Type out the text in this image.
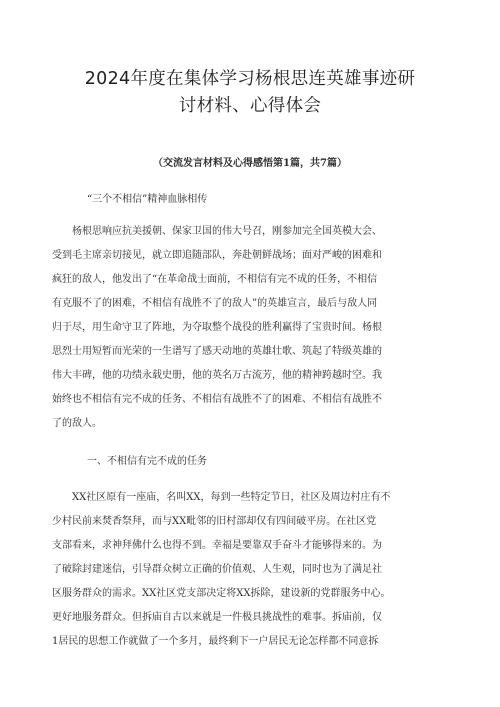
2024年度在集体学习杨根思连英雄事迹研
讨材料、心得体会
（交流发言材料及心得感悟第1篇，共7篇）
“三个不相信”精神血脉相传
杨根思响应抗美援朝、保家卫国的伟大号召，刚参加完全国英模大会、
受到毛主席亲切接见，就立即追随部队，奔赴朝鲜战场；面对严峻的困难和
疯狂的敌人，他发出了“在革命战士面前，不相信有完不成的任务，不相信
有克服不了的困难，不相信有战胜不了的敌人”的英雄宣言，最后与敌人同
归于尽，用生命守卫了阵地，为夺取整个战役的胜利赢得了宝贵时间。杨根
思烈士用短暂而光荣的一生谱写了感天动地的英雄壮歌、筑起了特级英雄的
伟大丰碑，他的功绩永载史册，他的英名万古流芳，他的精神跨越时空。我
始终也不相信有完不成的任务、不相信有战胜不了的困难、不相信有战胜不
了的敌人。
一、不相信有完不成的任务
XX社区原有一座庙，名叫XX，每到一些特定节日，社区及周边村庄有不
少村民前来焚香祭拜，而与XX毗邻的旧村部却仅有四间破平房。在社区党
支部看来，求神拜佛什么也得不到。幸福是要靠双手奋斗才能够得来的。为
了破除封建迷信，引导群众树立正确的价值观、人生观，同时也为了满足社
区服务群众的需求。XX社区党支部决定将XX拆除，建设新的党群服务中心。
更好地服务群众。但拆庙自古以来就是一件极具挑战性的难事。拆庙前，仅
1居民的思想工作就做了一个多月，最终剩下一户居民无论怎样都不同意拆
